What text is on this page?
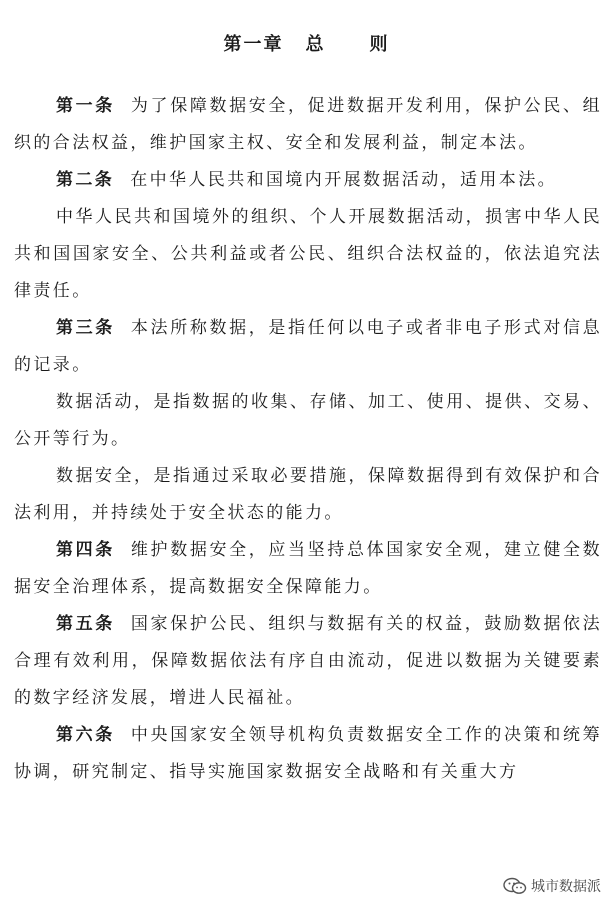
第一章 总 则

第一条 为了保障数据安全，促进数据开发利用，保护公民、组织的合法权益，维护国家主权、安全和发展利益，制定本法。

第二条 在中华人民共和国境内开展数据活动，适用本法。

中华人民共和国境外的组织、个人开展数据活动，损害中华人民共和国国家安全、公共利益或者公民、组织合法权益的，依法追究法律责任。

第三条 本法所称数据，是指任何以电子或者非电子形式对信息的记录。

数据活动，是指数据的收集、存储、加工、使用、提供、交易、公开等行为。

数据安全，是指通过采取必要措施，保障数据得到有效保护和合法利用，并持续处于安全状态的能力。

第四条 维护数据安全，应当坚持总体国家安全观，建立健全数据安全治理体系，提高数据安全保障能力。

第五条 国家保护公民、组织与数据有关的权益，鼓励数据依法合理有效利用，保障数据依法有序自由流动，促进以数据为关键要素的数字经济发展，增进人民福祉。

第六条 中央国家安全领导机构负责数据安全工作的决策和统筹协调，研究制定、指导实施国家数据安全战略和有关重大方

城市数据派
